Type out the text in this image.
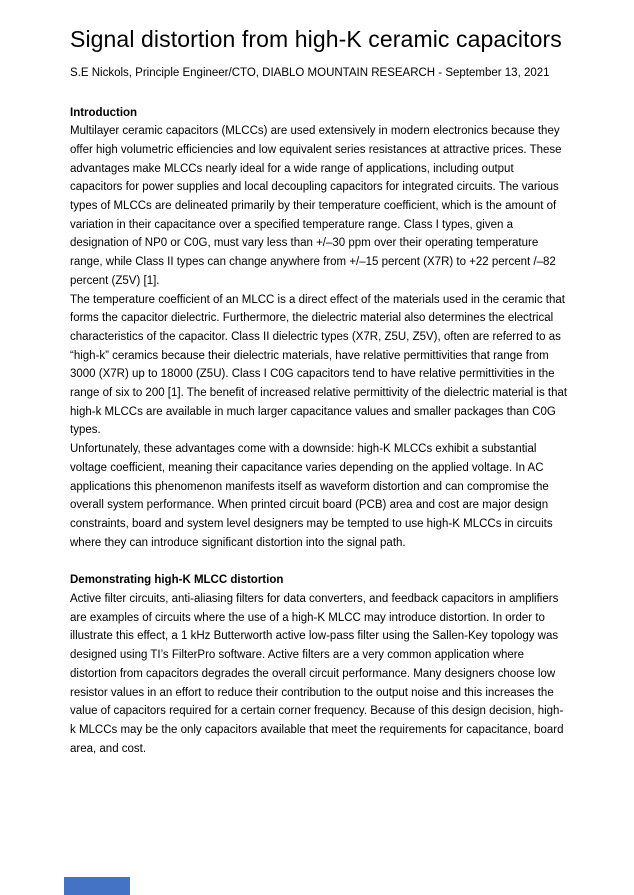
Signal distortion from high-K ceramic capacitors
S.E Nickols, Principle Engineer/CTO, DIABLO MOUNTAIN RESEARCH - September 13, 2021
Introduction

Multilayer ceramic capacitors (MLCCs) are used extensively in modern electronics because they offer high volumetric efficiencies and low equivalent series resistances at attractive prices. These advantages make MLCCs nearly ideal for a wide range of applications, including output capacitors for power supplies and local decoupling capacitors for integrated circuits. The various types of MLCCs are delineated primarily by their temperature coefficient, which is the amount of variation in their capacitance over a specified temperature range. Class I types, given a designation of NP0 or C0G, must vary less than +/–30 ppm over their operating temperature range, while Class II types can change anywhere from +/–15 percent (X7R) to +22 percent /–82 percent (Z5V) [1].

The temperature coefficient of an MLCC is a direct effect of the materials used in the ceramic that forms the capacitor dielectric. Furthermore, the dielectric material also determines the electrical characteristics of the capacitor. Class II dielectric types (X7R, Z5U, Z5V), often are referred to as “high-k” ceramics because their dielectric materials, have relative permittivities that range from 3000 (X7R) up to 18000 (Z5U). Class I C0G capacitors tend to have relative permittivities in the range of six to 200 [1]. The benefit of increased relative permittivity of the dielectric material is that high-k MLCCs are available in much larger capacitance values and smaller packages than C0G types.

Unfortunately, these advantages come with a downside: high-K MLCCs exhibit a substantial voltage coefficient, meaning their capacitance varies depending on the applied voltage. In AC applications this phenomenon manifests itself as waveform distortion and can compromise the overall system performance. When printed circuit board (PCB) area and cost are major design constraints, board and system level designers may be tempted to use high-K MLCCs in circuits where they can introduce significant distortion into the signal path.

Demonstrating high-K MLCC distortion

Active filter circuits, anti-aliasing filters for data converters, and feedback capacitors in amplifiers are examples of circuits where the use of a high-K MLCC may introduce distortion. In order to illustrate this effect, a 1 kHz Butterworth active low-pass filter using the Sallen-Key topology was designed using TI’s FilterPro software. Active filters are a very common application where distortion from capacitors degrades the overall circuit performance. Many designers choose low resistor values in an effort to reduce their contribution to the output noise and this increases the value of capacitors required for a certain corner frequency. Because of this design decision, high-k MLCCs may be the only capacitors available that meet the requirements for capacitance, board area, and cost.
